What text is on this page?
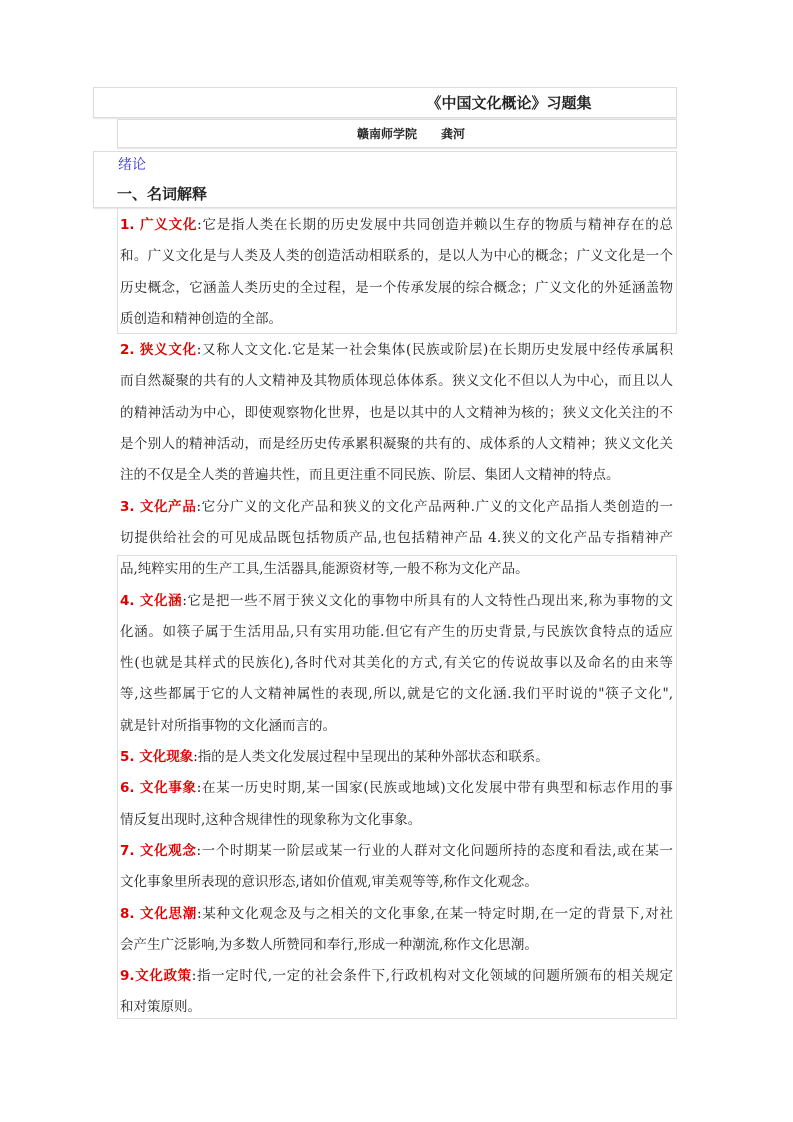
《中国文化概论》习题集
赣南师学院 龚河
绪论
一、名词解释
1. 广义文化:它是指人类在长期的历史发展中共同创造并赖以生存的物质与精神存在的总
和。广义文化是与人类及人类的创造活动相联系的，是以人为中心的概念；广义文化是一个
历史概念，它涵盖人类历史的全过程，是一个传承发展的综合概念；广义文化的外延涵盖物
质创造和精神创造的全部。
2. 狭义文化:又称人文文化.它是某一社会集体(民族或阶层)在长期历史发展中经传承属积
而自然凝聚的共有的人文精神及其物质体现总体体系。狭义文化不但以人为中心，而且以人
的精神活动为中心，即使观察物化世界，也是以其中的人文精神为核的；狭义文化关注的不
是个别人的精神活动，而是经历史传承累积凝聚的共有的、成体系的人文精神；狭义文化关
注的不仅是全人类的普遍共性，而且更注重不同民族、阶层、集团人文精神的特点。
3. 文化产品:它分广义的文化产品和狭义的文化产品两种.广义的文化产品指人类创造的一
切提供给社会的可见成品既包括物质产品,也包括精神产品 4.狭义的文化产品专指精神产
品,纯粹实用的生产工具,生活器具,能源资材等,一般不称为文化产品。
4. 文化涵:它是把一些不屑于狭义文化的事物中所具有的人文特性凸现出来,称为事物的文
化涵。如筷子属于生活用品,只有实用功能.但它有产生的历史背景,与民族饮食特点的适应
性(也就是其样式的民族化),各时代对其美化的方式,有关它的传说故事以及命名的由来等
等,这些都属于它的人文精神属性的表现,所以,就是它的文化涵.我们平时说的"筷子文化",
就是针对所指事物的文化涵而言的。
5. 文化现象:指的是人类文化发展过程中呈现出的某种外部状态和联系。
6. 文化事象:在某一历史时期,某一国家(民族或地域)文化发展中带有典型和标志作用的事
情反复出现时,这种含规律性的现象称为文化事象。
7. 文化观念:一个时期某一阶层或某一行业的人群对文化问题所持的态度和看法,或在某一
文化事象里所表现的意识形态,诸如价值观,审美观等等,称作文化观念。
8. 文化思潮:某种文化观念及与之相关的文化事象,在某一特定时期,在一定的背景下,对社
会产生广泛影响,为多数人所赞同和奉行,形成一种潮流,称作文化思潮。
9.文化政策:指一定时代,一定的社会条件下,行政机构对文化领域的问题所颁布的相关规定
和对策原则。
